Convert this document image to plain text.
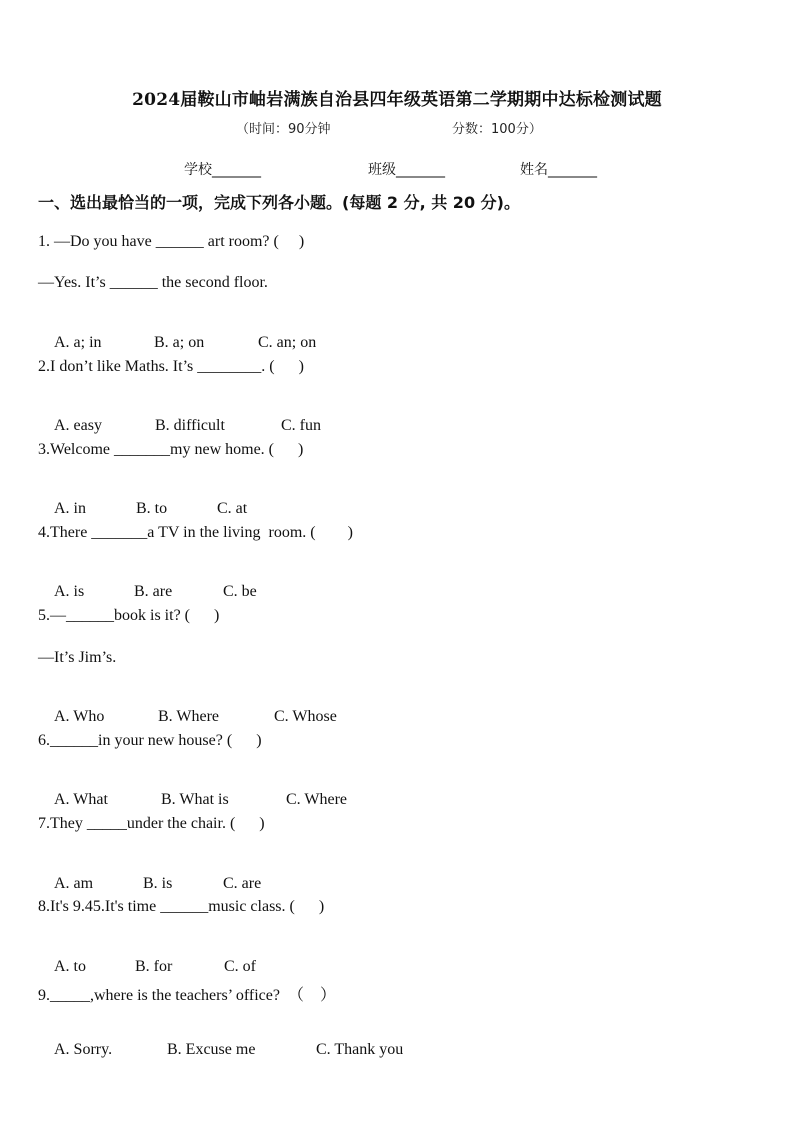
2024届鞍山市岫岩满族自治县四年级英语第二学期期中达标检测试题
（时间：90分钟	分数：100分）
学校_______	班级_______	姓名_______
一、选出最恰当的一项，完成下列各小题。(每题 2 分, 共 20 分)。
1. —Do you have ______ art room? (     )
—Yes. It’s ______ the second floor.

A. a; in	B. a; on	C. an; on

2.I don’t like Maths. It’s ________. (      )

A. easy	B. difficult	C. fun

3.Welcome _______my new home. (      )

A. in	B. to	C. at

4.There _______a TV in the living  room. (        )

A. is	B. are	C. be

5.—______book is it? (      )
—It’s Jim’s.

A. Who	B. Where	C. Whose

6.______in your new house? (      )

A. What	B. What is	C. Where

7.They _____under the chair. (      )

A. am	B. is	C. are

8.It's 9.45.It's time ______music class. (      )

A. to	B. for	C. of

9._____,where is the teachers’ office?  （    ）

A. Sorry.	B. Excuse me	C. Thank you
